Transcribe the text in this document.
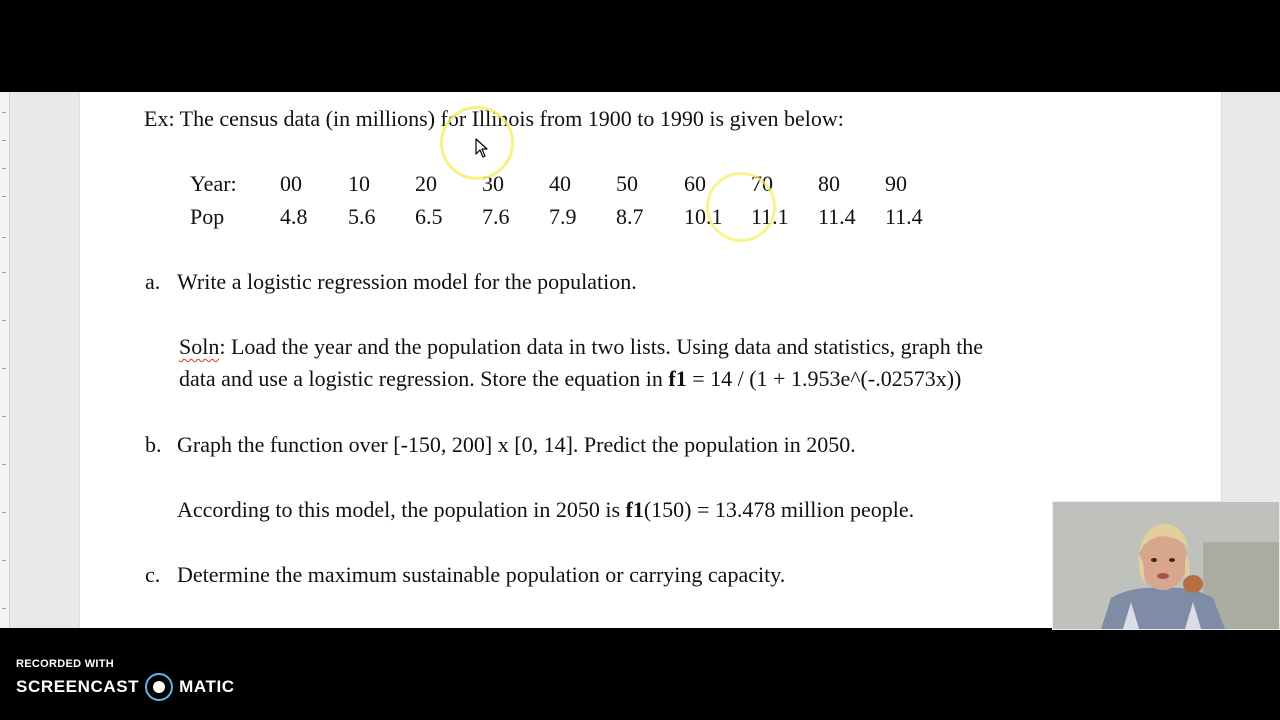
Ex: The census data (in millions) for Illinois from 1900 to 1990 is given below:
Year: 00 10 20 30 40 50 60 70 80 90
Pop	4.8 5.6 6.5 7.6 7.9 8.7 10.1 11.1 11.4 11.4
a. Write a logistic regression model for the population.
Soln: Load the year and the population data in two lists. Using data and statistics, graph the
data and use a logistic regression. Store the equation in f1 = 14 / (1 + 1.953e^(-.02573x))
b. Graph the function over [-150, 200] x [0, 14]. Predict the population in 2050.
According to this model, the population in 2050 is f1(150) = 13.478 million people.
c. Determine the maximum sustainable population or carrying capacity.
RECORDED WITH
SCREENCAST MATIC
